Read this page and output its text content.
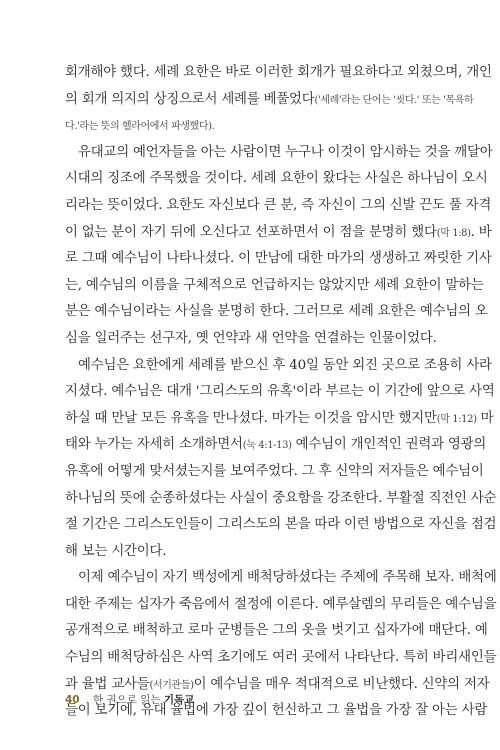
회개해야 했다. 세례 요한은 바로 이러한 회개가 필요하다고 외쳤으며, 개인
의 회개 의지의 상징으로서 세례를 베풀었다('세례'라는 단어는 '씻다.' 또는 '목욕하
다.'라는 뜻의 헬라어에서 파생했다).
유대교의 예언자들을 아는 사람이면 누구나 이것이 암시하는 것을 깨달아
시대의 징조에 주목했을 것이다. 세례 요한이 왔다는 사실은 하나님이 오시
리라는 뜻이었다. 요한도 자신보다 큰 분, 즉 자신이 그의 신발 끈도 풀 자격
이 없는 분이 자기 뒤에 오신다고 선포하면서 이 점을 분명히 했다(막 1:8). 바
로 그때 예수님이 나타나셨다. 이 만남에 대한 마가의 생생하고 짜릿한 기사
는, 예수님의 이름을 구체적으로 언급하지는 않았지만 세례 요한이 말하는
분은 예수님이라는 사실을 분명히 한다. 그러므로 세례 요한은 예수님의 오
심을 일러주는 선구자, 옛 언약과 새 언약을 연결하는 인물이었다.
예수님은 요한에게 세례를 받으신 후 40일 동안 외진 곳으로 조용히 사라
지셨다. 예수님은 대개 '그리스도의 유혹'이라 부르는 이 기간에 앞으로 사역
하실 때 만날 모든 유혹을 만나셨다. 마가는 이것을 암시만 했지만(막 1:12) 마
태와 누가는 자세히 소개하면서(눅 4:1-13) 예수님이 개인적인 권력과 영광의
유혹에 어떻게 맞서셨는지를 보여주었다. 그 후 신약의 저자들은 예수님이
하나님의 뜻에 순종하셨다는 사실이 중요함을 강조한다. 부활절 직전인 사순
절 기간은 그리스도인들이 그리스도의 본을 따라 이런 방법으로 자신을 점검
해 보는 시간이다.
이제 예수님이 자기 백성에게 배척당하셨다는 주제에 주목해 보자. 배척에
대한 주제는 십자가 죽음에서 절정에 이른다. 예루살렘의 무리들은 예수님을
공개적으로 배척하고 로마 군병들은 그의 옷을 벗기고 십자가에 매단다. 예
수님의 배척당하심은 사역 초기에도 여러 곳에서 나타난다. 특히 바리새인들
과 율법 교사들(서기관들)이 예수님을 매우 적대적으로 비난했다. 신약의 저자
들이 보기에, 유대 율법에 가장 깊이 헌신하고 그 율법을 가장 잘 아는 사람
40 한 권으로 읽는 기독교
